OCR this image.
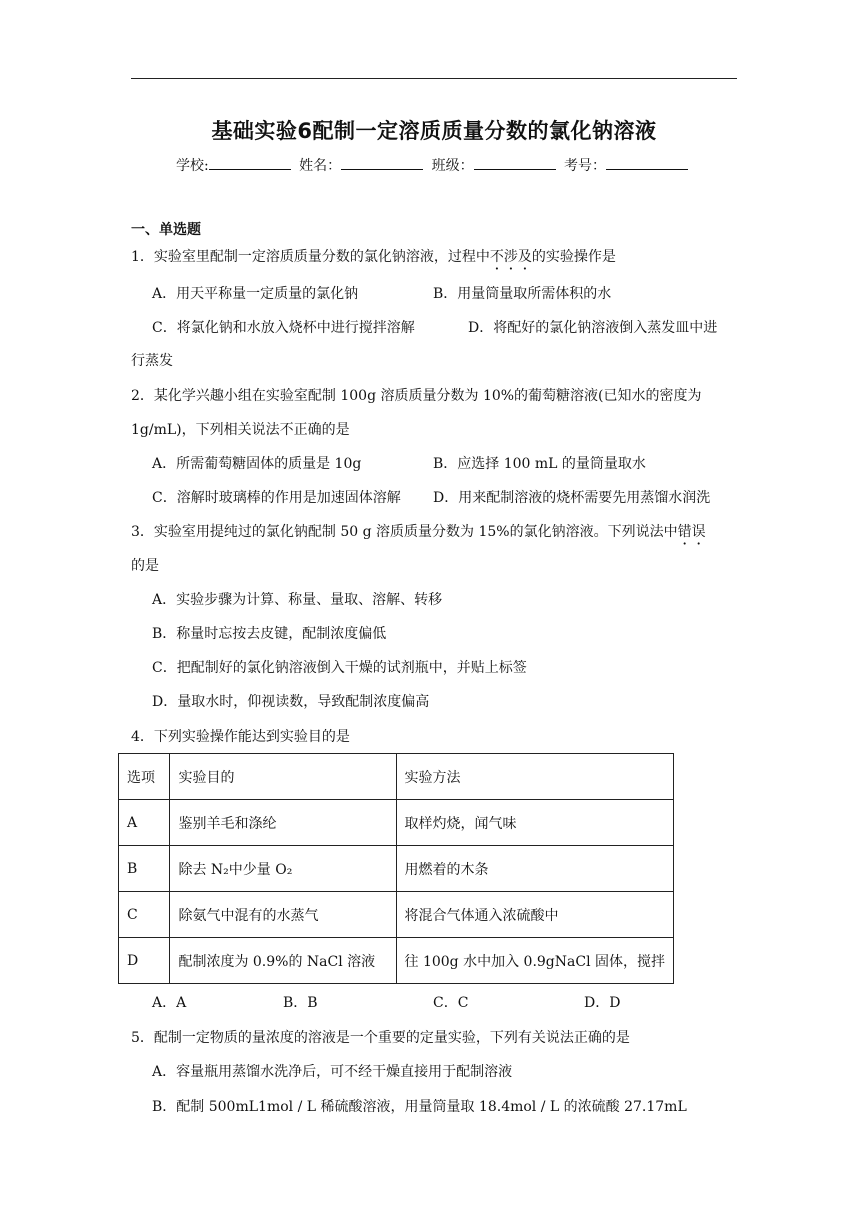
基础实验6配制一定溶质质量分数的氯化钠溶液
学校:	姓名：	班级：	考号：
一、单选题
1．实验室里配制一定溶质质量分数的氯化钠溶液，过程中不涉及的实验操作是
A．用天平称量一定质量的氯化钠	B．用量筒量取所需体积的水
C．将氯化钠和水放入烧杯中进行搅拌溶解	D．将配好的氯化钠溶液倒入蒸发皿中进
行蒸发
2．某化学兴趣小组在实验室配制 100g 溶质质量分数为 10%的葡萄糖溶液(已知水的密度为
1g/mL)，下列相关说法不正确的是
A．所需葡萄糖固体的质量是 10g	B．应选择 100 mL 的量筒量取水
C．溶解时玻璃棒的作用是加速固体溶解 D．用来配制溶液的烧杯需要先用蒸馏水润洗
3．实验室用提纯过的氯化钠配制 50 g 溶质质量分数为 15%的氯化钠溶液。下列说法中错误
的是
A．实验步骤为计算、称量、量取、溶解、转移
B．称量时忘按去皮键，配制浓度偏低
C．把配制好的氯化钠溶液倒入干燥的试剂瓶中，并贴上标签
D．量取水时，仰视读数，导致配制浓度偏高
4．下列实验操作能达到实验目的是
选项	实验目的	实验方法
A	鉴别羊毛和涤纶	取样灼烧，闻气味
B	除去 N₂中少量 O₂	用燃着的木条
C	除氨气中混有的水蒸气	将混合气体通入浓硫酸中
D	配制浓度为 0.9%的 NaCl 溶液	往 100g 水中加入 0.9gNaCl 固体，搅拌
A．A	B．B	C．C	D．D
5．配制一定物质的量浓度的溶液是一个重要的定量实验，下列有关说法正确的是
A．容量瓶用蒸馏水洗净后，可不经干燥直接用于配制溶液
B．配制 500mL1mol / L 稀硫酸溶液，用量筒量取 18.4mol / L 的浓硫酸 27.17mL
